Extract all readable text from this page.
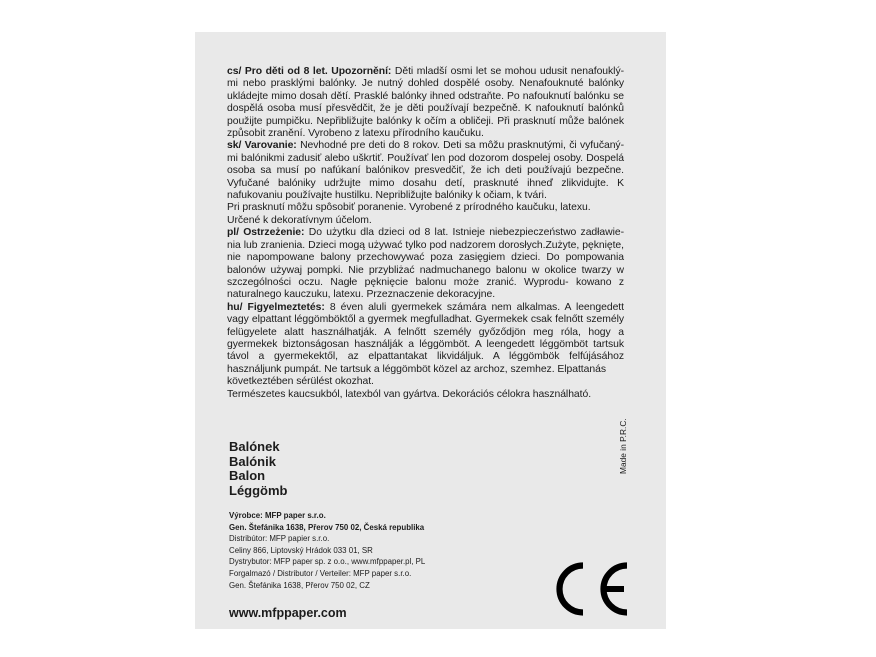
cs/ Pro děti od 8 let. Upozornění: Děti mladší osmi let se mohou udusit nenafouklý- mi nebo prasklými balónky. Je nutný dohled dospělé osoby. Nenafouknuté balónky ukládejte mimo dosah dětí. Prasklé balónky ihned odstraňte. Po nafouknutí balónku se dospělá osoba musí přesvědčit, že je děti používají bezpečně. K nafouknutí balónků použijte pumpičku. Nepřibližujte balónky k očím a obličeji. Při prasknutí může balónek způsobit zranění. Vyrobeno z latexu přírodního kaučuku.

sk/ Varovanie: Nevhodné pre deti do 8 rokov. Deti sa môžu prasknutými, či vyfučaný- mi balónikmi zadusiť alebo uškrtiť. Používať len pod dozorom dospelej osoby. Dospelá osoba sa musí po nafúkaní balónikov presvedčiť, že ich deti používajú bezpečne. Vyfučané balóniky udržujte mimo dosahu detí, prasknuté ihneď zlikvidujte. K nafukovaniu používajte hustilku. Nepribližujte balóniky k očiam, k tvári.
Pri prasknutí môžu spôsobiť poranenie. Vyrobené z prírodného kaučuku, latexu.
Určené k dekoratívnym účelom.

pl/ Ostrzeżenie: Do użytku dla dzieci od 8 lat. Istnieje niebezpieczeństwo zadławie- nia lub zranienia. Dzieci mogą używać tylko pod nadzorem dorosłych.Zużyte, pęknięte, nie napompowane balony przechowywać poza zasięgiem dzieci. Do pompowania balonów używaj pompki. Nie przybliżać nadmuchanego balonu w okolice twarzy w szczególności oczu. Nagłe pęknięcie balonu może zranić. Wyprodu- kowano z naturalnego kauczuku, latexu. Przeznaczenie dekoracyjne.

hu/ Figyelmeztetés: 8 éven aluli gyermekek számára nem alkalmas. A leengedett vagy elpattant léggömböktől a gyermek megfulladhat. Gyermekek csak felnőtt személy felügyelete alatt használhatják. A felnőtt személy győződjön meg róla, hogy a gyermekek biztonságosan használják a léggömböt. A leengedett léggömböt tartsuk távol a gyermekektől, az elpattantakat likvidáljuk. A léggömbök felfújásához használjunk pumpát. Ne tartsuk a léggömböt közel az archoz, szemhez. Elpattanás
következtében sérülést okozhat.
Természetes kaucsukból, latexból van gyártva. Dekorációs célokra használható.

Balónek
Balónik
Balon
Léggömb
Výrobce: MFP paper s.r.o.
Gen. Štefánika 1638, Přerov 750 02, Česká republika
Distribútor: MFP papier s.r.o.
Celiny 866, Liptovský Hrádok 033 01, SR
Dystrybutor: MFP paper sp. z o.o., www.mfppaper.pl, PL
Forgalmazó / Distributor / Verteiler: MFP paper s.r.o.
Gen. Štefánika 1638, Přerov 750 02, CZ
www.mfppaper.com
Made in P.R.C.
